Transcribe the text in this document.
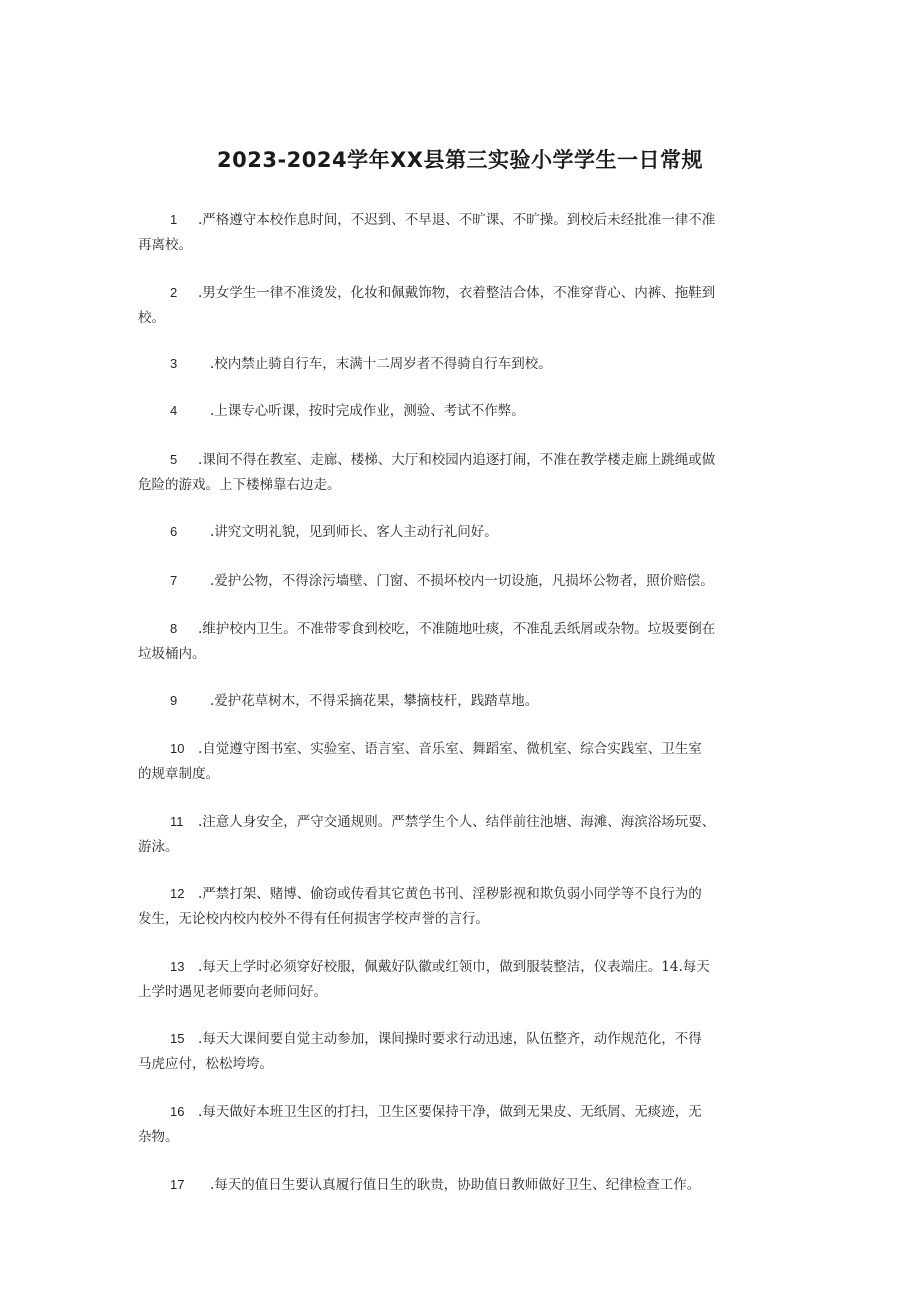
2023-2024学年XX县第三实验小学学生一日常规
1 .严格遵守本校作息时间，不迟到、不早退、不旷课、不旷操。到校后未经批准一律不准
再离校。
2 .男女学生一律不准烫发，化妆和佩戴饰物，衣着整洁合体，不准穿背心、内裤、拖鞋到
校。
3 .校内禁止骑自行车，末满十二周岁者不得骑自行车到校。
4 .上课专心听课，按时完成作业，测验、考试不作弊。
5 .课间不得在教室、走廊、楼梯、大厅和校园内追逐打闹，不准在教学楼走廊上跳绳或做
危险的游戏。上下楼梯靠右边走。
6 .讲究文明礼貌，见到师长、客人主动行礼问好。
7 .爱护公物，不得涂污墙壁、门窗、不损坏校内一切设施，凡损坏公物者，照价赔偿。
8 .维护校内卫生。不准带零食到校吃，不准随地吐痰，不准乱丢纸屑或杂物。垃圾要倒在
垃圾桶内。
9 .爱护花草树木，不得采摘花果，攀摘枝杆，践踏草地。
10 .自觉遵守图书室、实验室、语言室、音乐室、舞蹈室、微机室、综合实践室、卫生室
的规章制度。
11 .注意人身安全，严守交通规则。严禁学生个人、结伴前往池塘、海滩、海滨浴场玩耍、
游泳。
12 .严禁打架、赌博、偷窃或传看其它黄色书刊、淫秽影视和欺负弱小同学等不良行为的
发生，无论校内校内校外不得有任何损害学校声誉的言行。
13 .每天上学时必须穿好校服，佩戴好队徽或红领巾，做到服装整洁，仪表端庄。14.每天
上学时遇见老师要向老师问好。
15 .每天大课间要自觉主动参加，课间操时要求行动迅速，队伍整齐，动作规范化，不得
马虎应付，松松垮垮。
16 .每天做好本班卫生区的打扫，卫生区要保持干净，做到无果皮、无纸屑、无痰迹，无
杂物。
17 .每天的值日生要认真履行值日生的耿贵，协助值日教师做好卫生、纪律检查工作。
